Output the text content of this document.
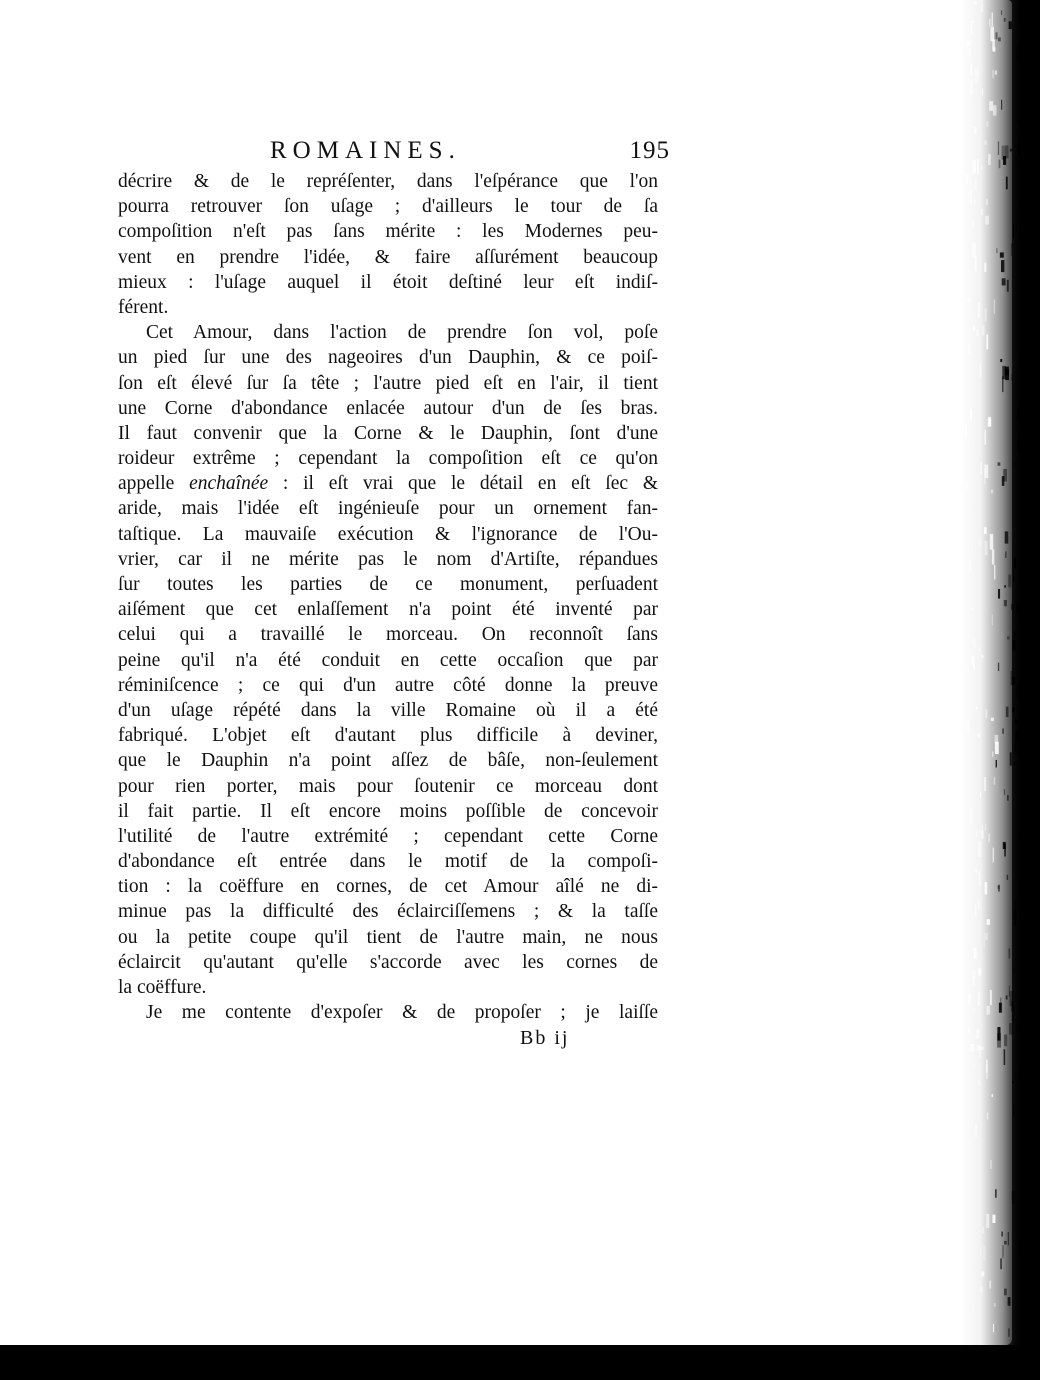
ROMAINES.	195
décrire & de le repréſenter, dans l'eſpérance que l'on
pourra retrouver ſon uſage ; d'ailleurs le tour de ſa
compoſition n'eſt pas ſans mérite : les Modernes peu-
vent en prendre l'idée, & faire aſſurément beaucoup
mieux : l'uſage auquel il étoit deſtiné leur eſt indiſ-
férent.
Cet Amour, dans l'action de prendre ſon vol, poſe
un pied ſur une des nageoires d'un Dauphin, & ce poiſ-
ſon eſt élevé ſur ſa tête ; l'autre pied eſt en l'air, il tient
une Corne d'abondance enlacée autour d'un de ſes bras.
Il faut convenir que la Corne & le Dauphin, ſont d'une
roideur extrême ; cependant la compoſition eſt ce qu'on
appelle enchaînée : il eſt vrai que le détail en eſt ſec &
aride, mais l'idée eſt ingénieuſe pour un ornement fan-
taſtique. La mauvaiſe exécution & l'ignorance de l'Ou-
vrier, car il ne mérite pas le nom d'Artiſte, répandues
ſur toutes les parties de ce monument, perſuadent
aiſément que cet enlaſſement n'a point été inventé par
celui qui a travaillé le morceau. On reconnoît ſans
peine qu'il n'a été conduit en cette occaſion que par
réminiſcence ; ce qui d'un autre côté donne la preuve
d'un uſage répété dans la ville Romaine où il a été
fabriqué. L'objet eſt d'autant plus difficile à deviner,
que le Dauphin n'a point aſſez de bâſe, non-ſeulement
pour rien porter, mais pour ſoutenir ce morceau dont
il fait partie. Il eſt encore moins poſſible de concevoir
l'utilité de l'autre extrémité ; cependant cette Corne
d'abondance eſt entrée dans le motif de la compoſi-
tion : la coëffure en cornes, de cet Amour aîlé ne di-
minue pas la difficulté des éclairciſſemens ; & la taſſe
ou la petite coupe qu'il tient de l'autre main, ne nous
éclaircit qu'autant qu'elle s'accorde avec les cornes de
la coëffure.
Je me contente d'expoſer & de propoſer ; je laiſſe
Bb ij
